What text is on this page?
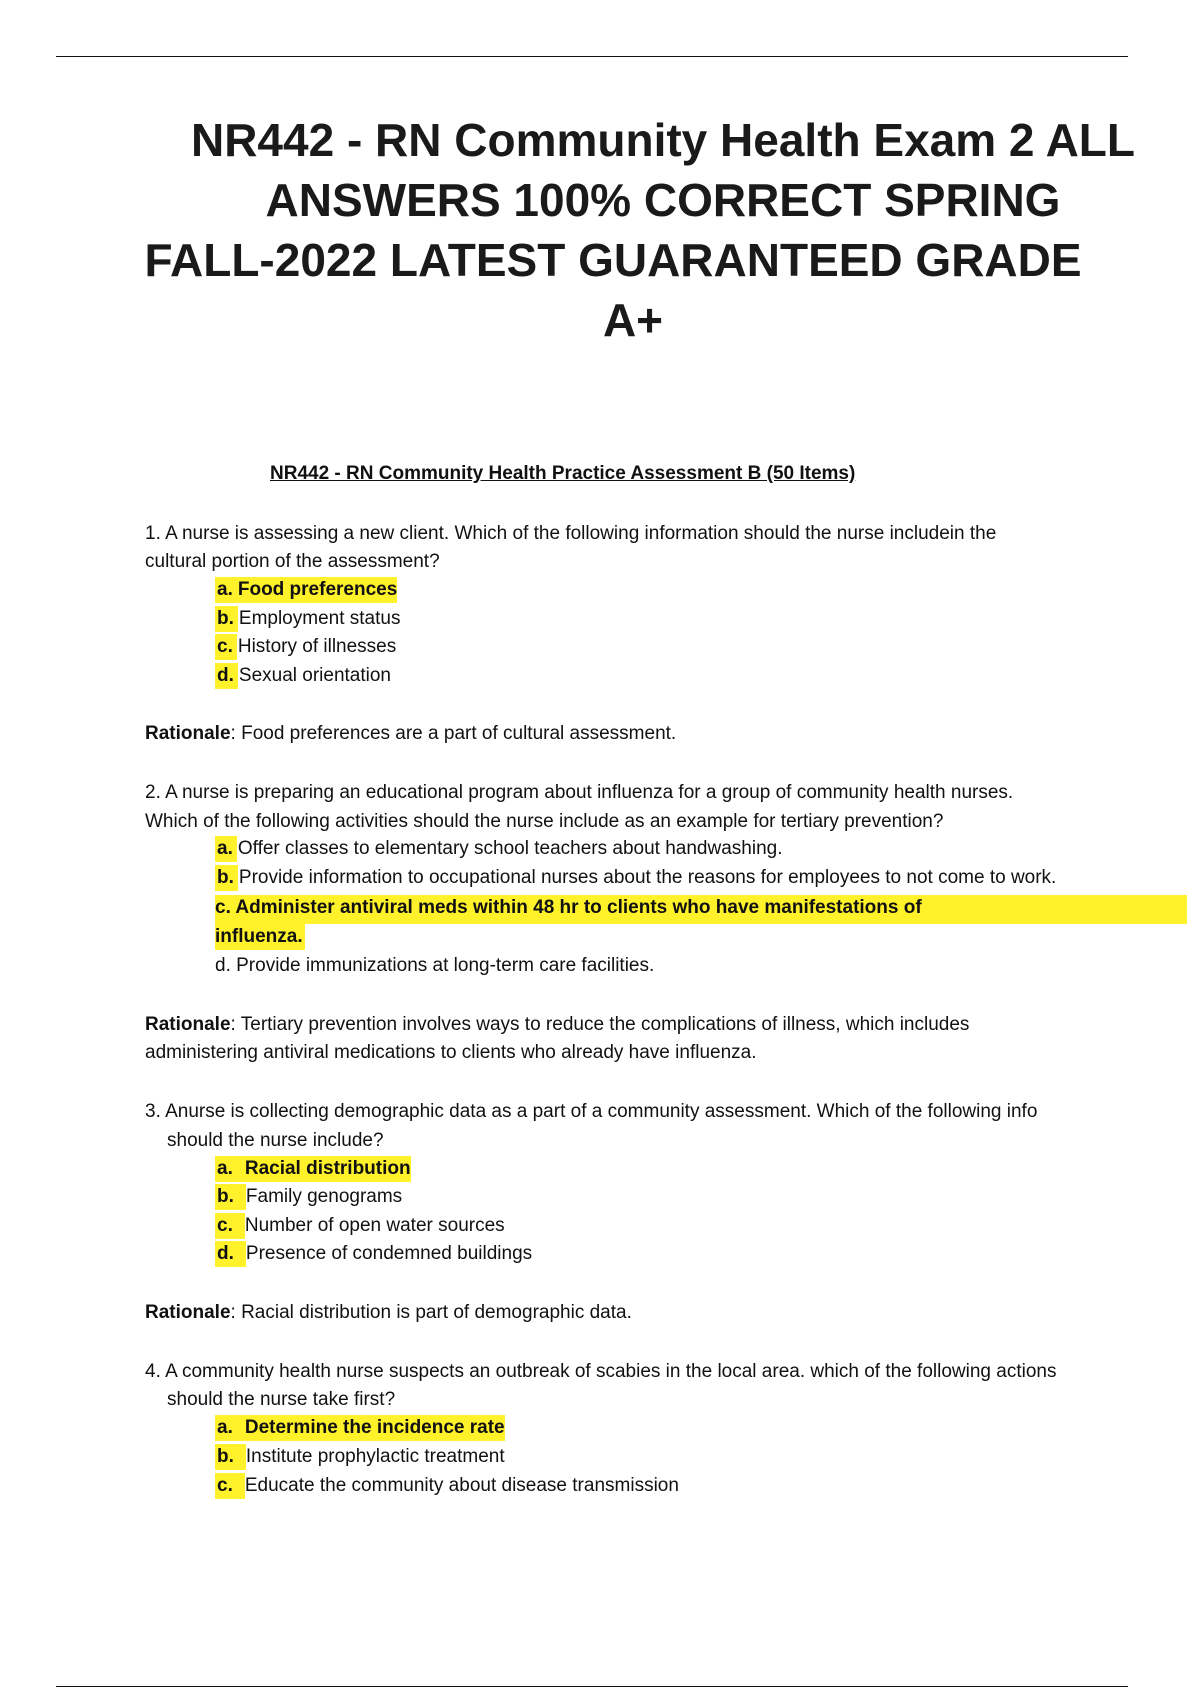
NR442 - RN Community Health Exam 2 ALL
ANSWERS 100% CORRECT SPRING
FALL-2022 LATEST GUARANTEED GRADE
A+
NR442 - RN Community Health Practice Assessment B (50 Items)
1. A nurse is assessing a new client. Which of the following information should the nurse includein the
cultural portion of the assessment?
a. Food preferences
b. Employment status
c. History of illnesses
d. Sexual orientation
Rationale: Food preferences are a part of cultural assessment.
2. A nurse is preparing an educational program about influenza for a group of community health nurses.
Which of the following activities should the nurse include as an example for tertiary prevention?
a. Offer classes to elementary school teachers about handwashing.
b. Provide information to occupational nurses about the reasons for employees to not come to work.
c. Administer antiviral meds within 48 hr to clients who have manifestations of
influenza.
d. Provide immunizations at long-term care facilities.
Rationale: Tertiary prevention involves ways to reduce the complications of illness, which includes
administering antiviral medications to clients who already have influenza.
3. Anurse is collecting demographic data as a part of a community assessment. Which of the following info
should the nurse include?
a. Racial distribution
b. Family genograms
c. Number of open water sources
d. Presence of condemned buildings
Rationale: Racial distribution is part of demographic data.
4. A community health nurse suspects an outbreak of scabies in the local area. which of the following actions
should the nurse take first?
a. Determine the incidence rate
b. Institute prophylactic treatment
c. Educate the community about disease transmission
